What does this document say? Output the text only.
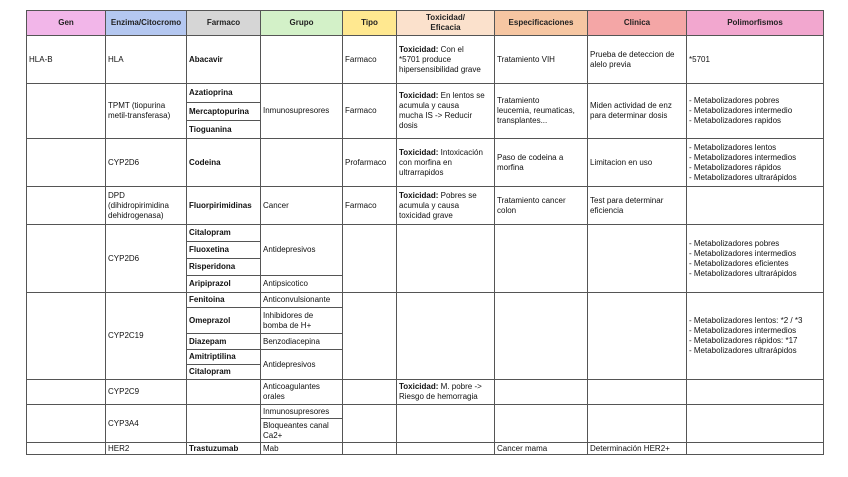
Gen	Enzima/Citocromo	Farmaco	Grupo	Tipo	Toxicidad/
Eficacia	Especificaciones	Clinica	Polimorfismos
HLA-B	HLA	Abacavir		Farmaco	Toxicidad: Con el
*5701 produce
hipersensibilidad grave	Tratamiento VIH	Prueba de deteccion de
alelo previa	*5701
	TPMT (tiopurina
metil-transferasa)	Azatioprina	Inmunosupresores	Farmaco	Toxicidad: En lentos se
acumula y causa
mucha IS -> Reducir
dosis	Tratamiento
leucemia, reumaticas,
transplantes...	Miden actividad de enz
para determinar dosis	- Metabolizadores pobres
- Metabolizadores intermedio
- Metabolizadores rapidos
		Mercaptopurina						
		Tioguanina						
	CYP2D6	Codeina		Profarmaco	Toxicidad: Intoxicación
con morfina en
ultrarrapidos	Paso de codeina a
morfina	Limitacion en uso	- Metabolizadores lentos
- Metabolizadores intermedios
- Metabolizadores rápidos
- Metabolizadores ultrarápidos
	DPD
(dihidropirimidina
dehidrogenasa)	Fluorpirimidinas	Cancer	Farmaco	Toxicidad: Pobres se
acumula y causa
toxicidad grave	Tratamiento cancer
colon	Test para determinar
eficiencia	
	CYP2D6	Citalopram	Antidepresivos					- Metabolizadores pobres
- Metabolizadores intermedios
- Metabolizadores eficientes
- Metabolizadores ultrarápidos
		Fluoxetina						
		Risperidona						
		Aripiprazol	Antipsicotico					
	CYP2C19	Fenitoina	Anticonvulsionante					- Metabolizadores lentos: *2 / *3
- Metabolizadores intermedios
- Metabolizadores rápidos: *17
- Metabolizadores ultrarápidos
		Omeprazol	Inhibidores de
bomba de H+					
		Diazepam	Benzodiacepina					
		Amitriptilina	Antidepresivos					
		Citalopram						
	CYP2C9		Anticoagulantes
orales		Toxicidad: M. pobre ->
Riesgo de hemorragia			
	CYP3A4		Inmunosupresores					
			Bloqueantes canal
Ca2+					
	HER2	Trastuzumab	Mab			Cancer mama	Determinación HER2+	
